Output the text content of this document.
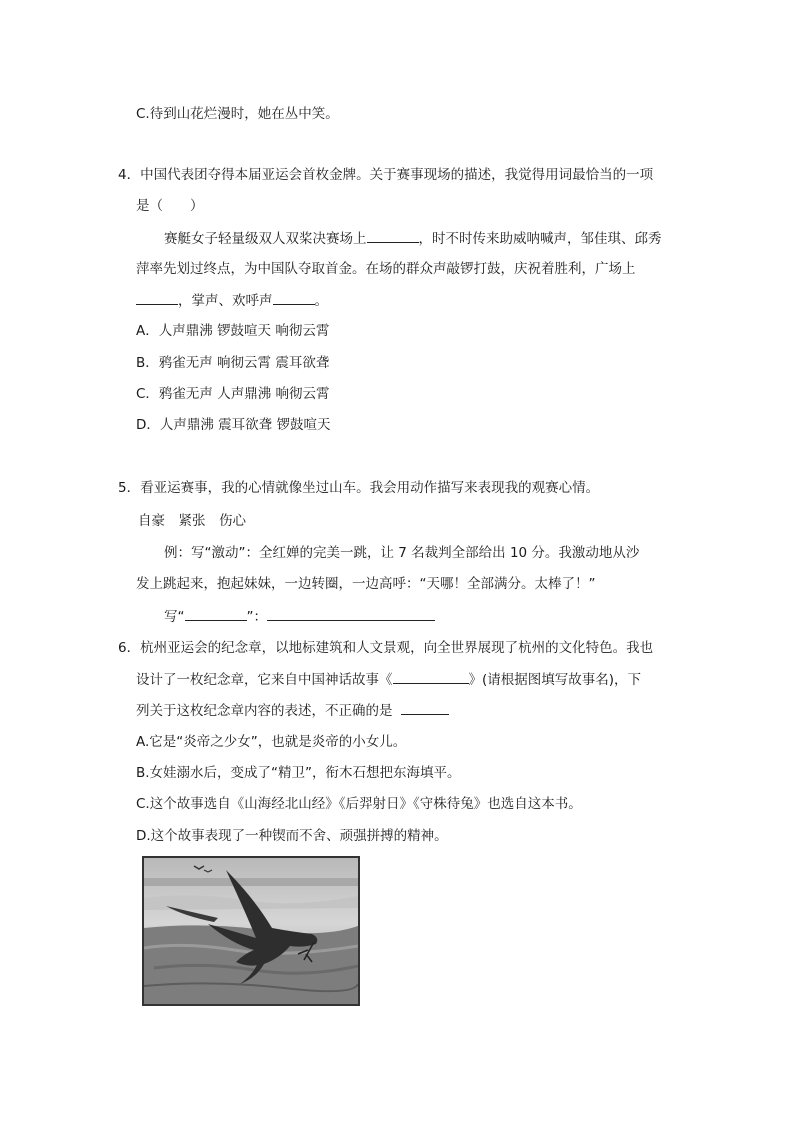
C.待到山花烂漫时，她在丛中笑。
4．中国代表团夺得本届亚运会首枚金牌。关于赛事现场的描述，我觉得用词最恰当的一项
是（　　）
赛艇女子轻量级双人双桨决赛场上	，时不时传来助威呐喊声，邹佳琪、邱秀
萍率先划过终点，为中国队夺取首金。在场的群众声敲锣打鼓，庆祝着胜利，广场上
，掌声、欢呼声	。
A．人声鼎沸 锣鼓喧天 响彻云霄
B．鸦雀无声 响彻云霄 震耳欲聋
C．鸦雀无声 人声鼎沸 响彻云霄
D．人声鼎沸 震耳欲聋 锣鼓喧天
5．看亚运赛事，我的心情就像坐过山车。我会用动作描写来表现我的观赛心情。
自豪　紧张　伤心
例：写“激动”：全红婵的完美一跳，让 7 名裁判全部给出 10 分。我激动地从沙
发上跳起来，抱起妹妹，一边转圈，一边高呼：“天哪！全部满分。太棒了！”
写“	”：
6．杭州亚运会的纪念章，以地标建筑和人文景观，向全世界展现了杭州的文化特色。我也
设计了一枚纪念章，它来自中国神话故事《	》(请根据图填写故事名)，下
列关于这枚纪念章内容的表述，不正确的是
A.它是“炎帝之少女”，也就是炎帝的小女儿。
B.女娃溺水后，变成了“精卫”，衔木石想把东海填平。
C.这个故事选自《山海经北山经》《后羿射日》《守株待兔》也选自这本书。
D.这个故事表现了一种锲而不舍、顽强拼搏的精神。
